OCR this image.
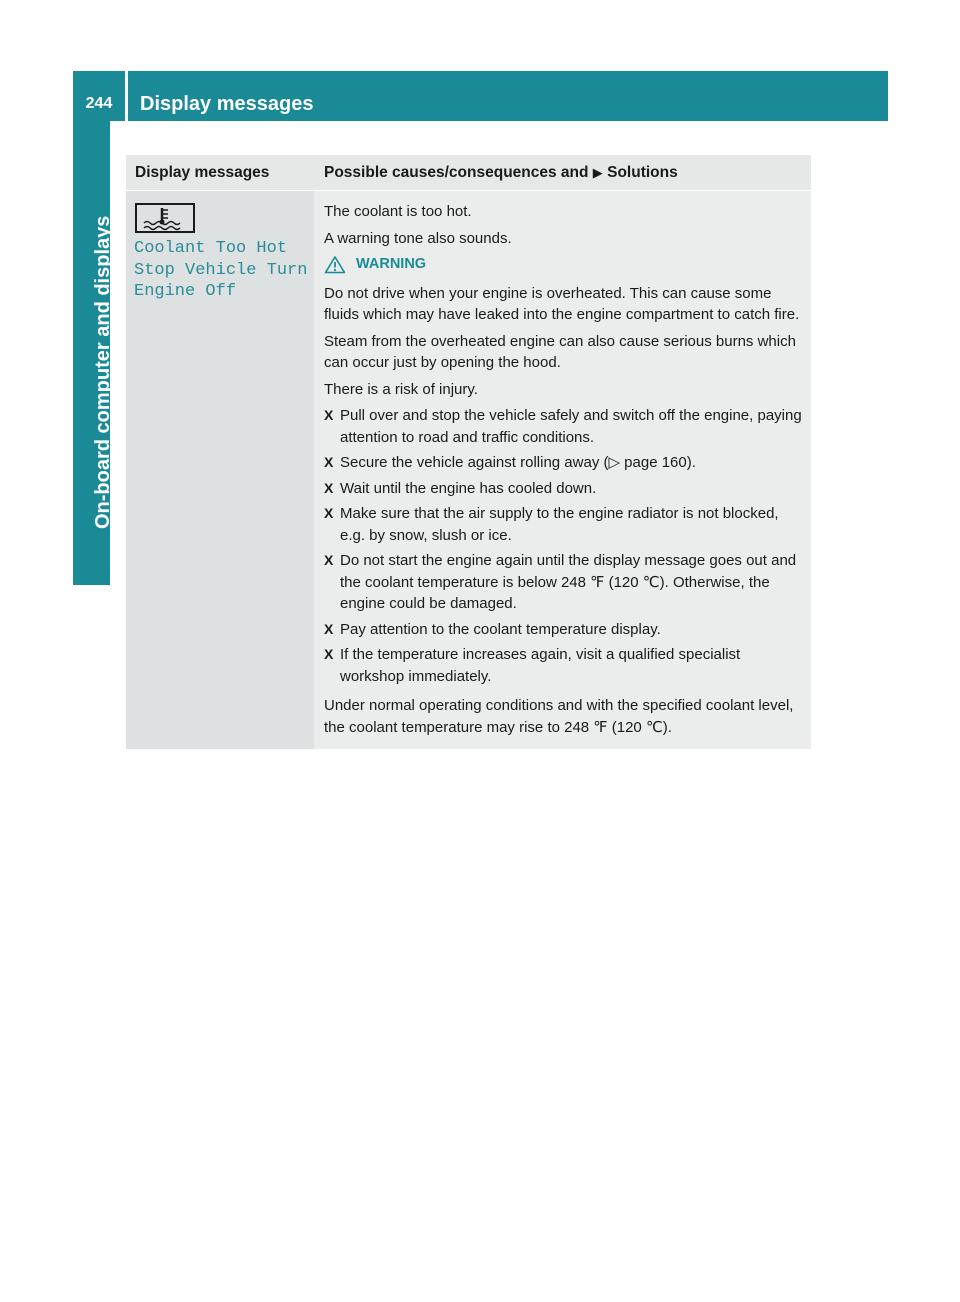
244	Display messages
On-board computer and displays
Display messages	Possible causes/consequences and ▶ Solutions
Coolant Too Hot
Stop Vehicle Turn
Engine Off

The coolant is too hot.

A warning tone also sounds.

WARNING

Do not drive when your engine is overheated. This can cause some fluids which may have leaked into the engine compartment to catch fire.

Steam from the overheated engine can also cause serious burns which can occur just by opening the hood.

There is a risk of injury.

X Pull over and stop the vehicle safely and switch off the engine, paying attention to road and traffic conditions.
X Secure the vehicle against rolling away (▷ page 160).
X Wait until the engine has cooled down.
X Make sure that the air supply to the engine radiator is not blocked, e.g. by snow, slush or ice.
X Do not start the engine again until the display message goes out and the coolant temperature is below 248 ℉ (120 ℃). Otherwise, the engine could be damaged.
X Pay attention to the coolant temperature display.
X If the temperature increases again, visit a qualified specialist workshop immediately.

Under normal operating conditions and with the specified coolant level, the coolant temperature may rise to 248 ℉ (120 ℃).
